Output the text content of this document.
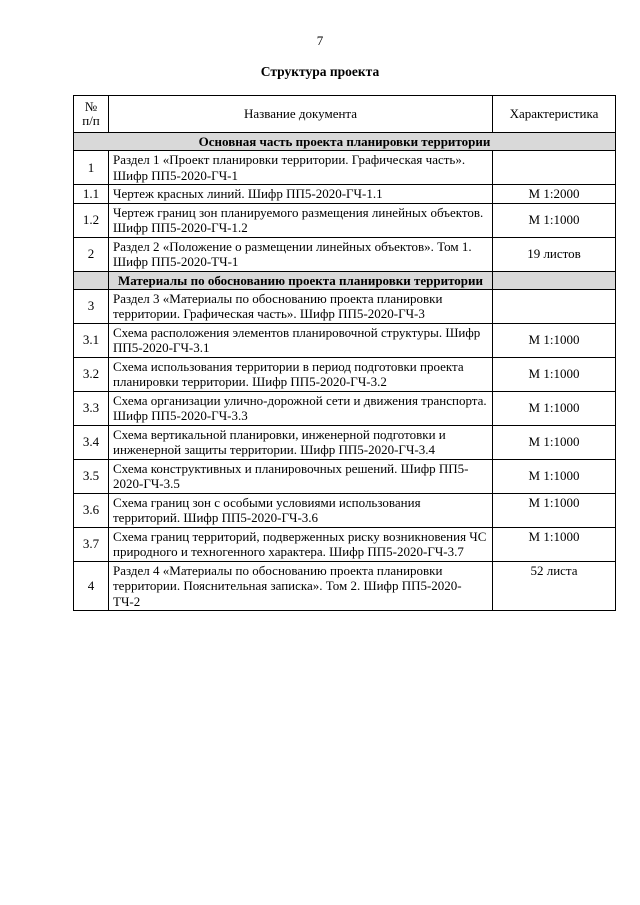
7
Структура проекта
№ п/п	Название документа	Характеристика
Основная часть проекта планировки территории		
1	Раздел 1 «Проект планировки территории. Графическая часть». Шифр ПП5-2020-ГЧ-1	
1.1	Чертеж красных линий. Шифр ПП5-2020-ГЧ-1.1	М 1:2000
1.2	Чертеж границ зон планируемого размещения линейных объектов. Шифр ПП5-2020-ГЧ-1.2	М 1:1000
2	Раздел 2 «Положение о размещении линейных объектов». Том 1. Шифр ПП5-2020-ТЧ-1	19 листов
	Материалы по обоснованию проекта планировки территории	
3	Раздел 3 «Материалы по обоснованию проекта планировки территории. Графическая часть». Шифр ПП5-2020-ГЧ-3	
3.1	Схема расположения элементов планировочной структуры. Шифр ПП5-2020-ГЧ-3.1	М 1:1000
3.2	Схема использования территории в период подготовки проекта планировки территории. Шифр ПП5-2020-ГЧ-3.2	М 1:1000
3.3	Схема организации улично-дорожной сети и движения транспорта. Шифр ПП5-2020-ГЧ-3.3	М 1:1000
3.4	Схема вертикальной планировки, инженерной подготовки и инженерной защиты территории. Шифр ПП5-2020-ГЧ-3.4	М 1:1000
3.5	Схема конструктивных и планировочных решений. Шифр ПП5-2020-ГЧ-3.5	М 1:1000
3.6	Схема границ зон с особыми условиями использования территорий. Шифр ПП5-2020-ГЧ-3.6	М 1:1000
3.7	Схема границ территорий, подверженных риску возникновения ЧС природного и техногенного характера. Шифр ПП5-2020-ГЧ-3.7	М 1:1000
4	Раздел 4 «Материалы по обоснованию проекта планировки территории. Пояснительная записка». Том 2. Шифр ПП5-2020-ТЧ-2	52 листа
